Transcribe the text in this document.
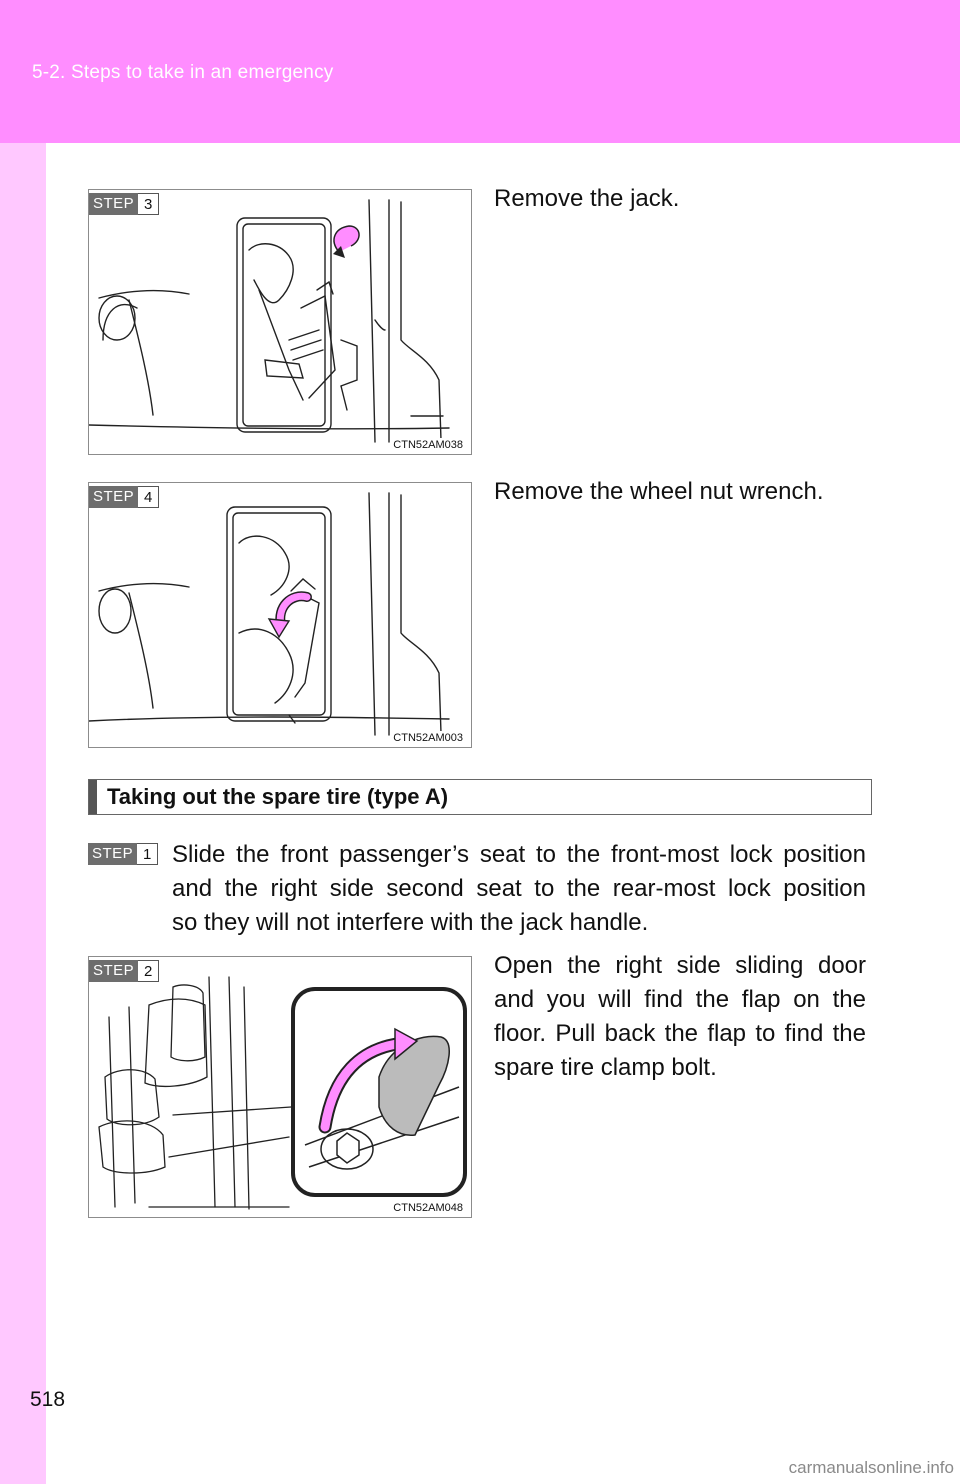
5-2. Steps to take in an emergency
STEP 3
CTN52AM038
Remove the jack.
STEP 4
CTN52AM003
Remove the wheel nut wrench.
Taking out the spare tire (type A)
STEP 1 Slide the front passenger’s seat to the front-most lock position
and the right side second seat to the rear-most lock position
so they will not interfere with the jack handle.
STEP 2
CTN52AM048
Open the right side sliding door
and you will find the flap on the
floor. Pull back the flap to find the
spare tire clamp bolt.
518
carmanualsonline.info
